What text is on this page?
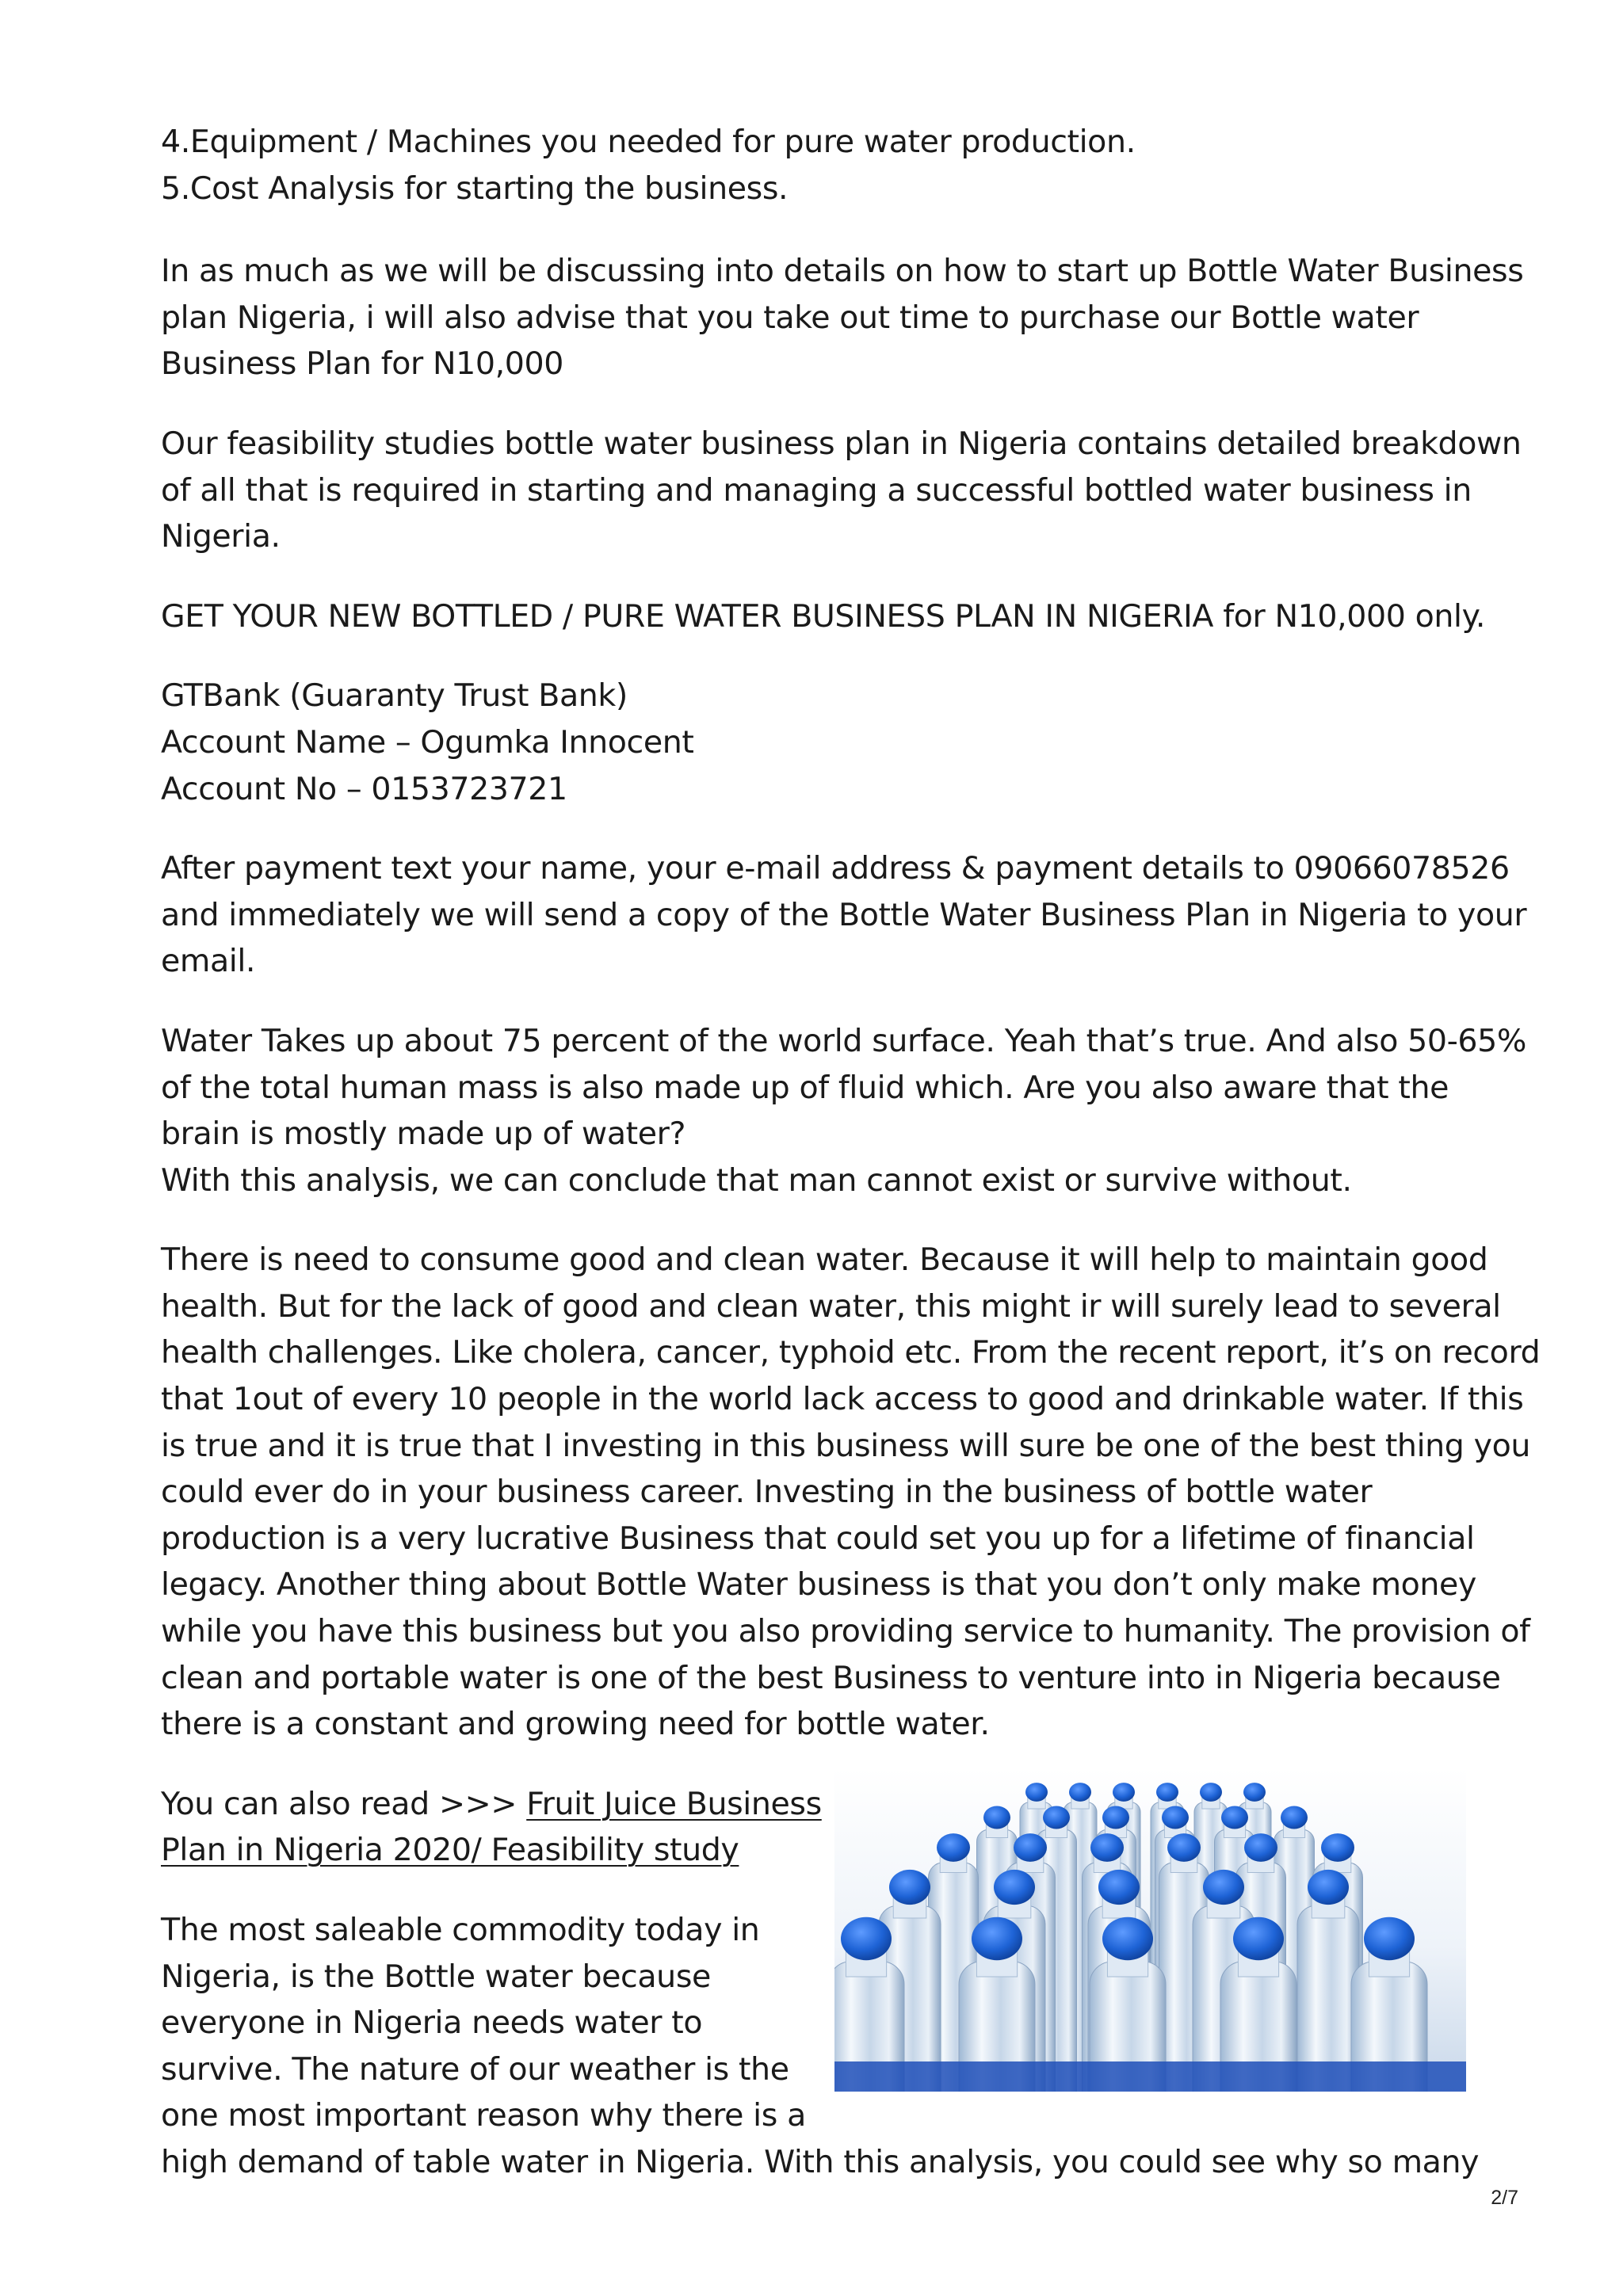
4.Equipment / Machines you needed for pure water production.
5.Cost Analysis for starting the business.
In as much as we will be discussing into details on how to start up Bottle Water Business
plan Nigeria, i will also advise that you take out time to purchase our Bottle water
Business Plan for N10,000
Our feasibility studies bottle water business plan in Nigeria contains detailed breakdown
of all that is required in starting and managing a successful bottled water business in
Nigeria.
GET YOUR NEW BOTTLED / PURE WATER BUSINESS PLAN IN NIGERIA for N10,000 only.
GTBank (Guaranty Trust Bank)
Account Name – Ogumka Innocent
Account No – 0153723721
After payment text your name, your e-mail address & payment details to 09066078526
and immediately we will send a copy of the Bottle Water Business Plan in Nigeria to your
email.
Water Takes up about 75 percent of the world surface. Yeah that’s true. And also 50-65%
of the total human mass is also made up of fluid which. Are you also aware that the
brain is mostly made up of water?
With this analysis, we can conclude that man cannot exist or survive without.
There is need to consume good and clean water. Because it will help to maintain good
health. But for the lack of good and clean water, this might ir will surely lead to several
health challenges. Like cholera, cancer, typhoid etc. From the recent report, it’s on record
that 1out of every 10 people in the world lack access to good and drinkable water. If this
is true and it is true that I investing in this business will sure be one of the best thing you
could ever do in your business career. Investing in the business of bottle water
production is a very lucrative Business that could set you up for a lifetime of financial
legacy. Another thing about Bottle Water business is that you don’t only make money
while you have this business but you also providing service to humanity. The provision of
clean and portable water is one of the best Business to venture into in Nigeria because
there is a constant and growing need for bottle water.
You can also read >>> Fruit Juice Business
Plan in Nigeria 2020/ Feasibility study
The most saleable commodity today in
Nigeria, is the Bottle water because
everyone in Nigeria needs water to
survive. The nature of our weather is the
one most important reason why there is a
high demand of table water in Nigeria. With this analysis, you could see why so many
2/7
